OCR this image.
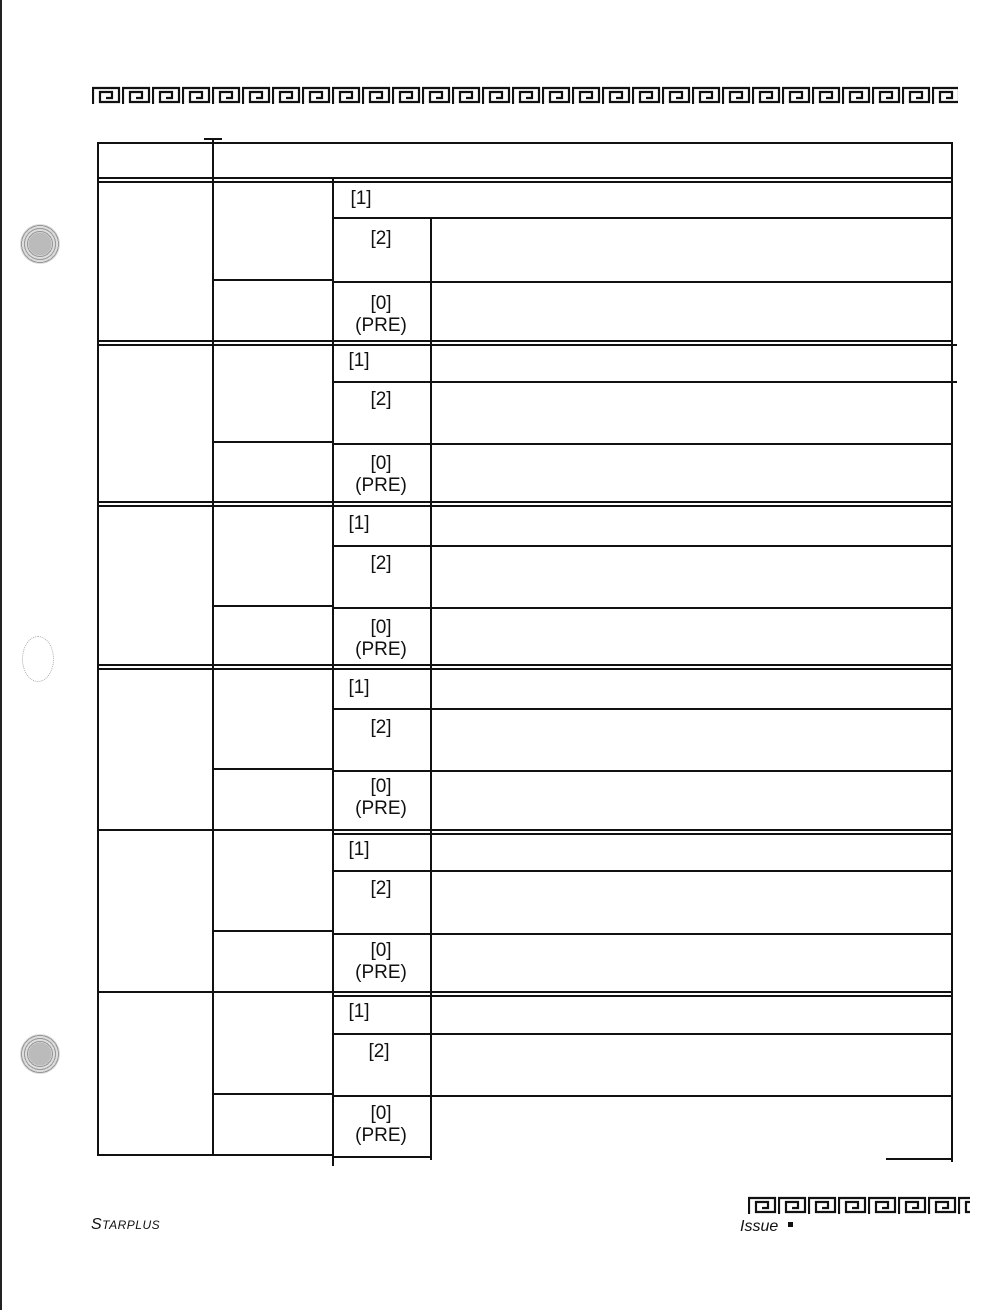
[1]
[2]
[0]
(PRE)
[1]
[2]
[0]
(PRE)
[1]
[2]
[0]
(PRE)
[1]
[2]
[0]
(PRE)
[1]
[2]
[0]
(PRE)
[1]
[2]
[0]
(PRE)
STARPLUS	Issue
